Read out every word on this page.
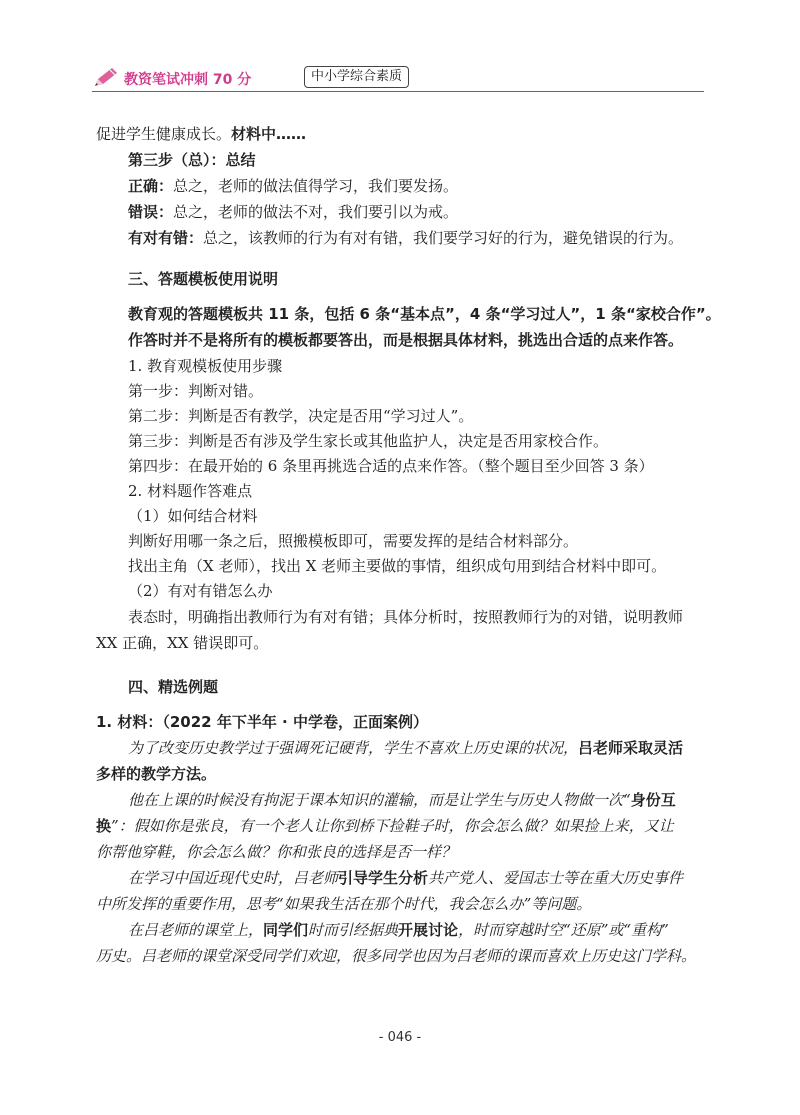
教资笔试冲刺 70 分	中小学综合素质
促进学生健康成长。材料中……
第三步（总）：总结
正确：总之，老师的做法值得学习，我们要发扬。
错误：总之，老师的做法不对，我们要引以为戒。
有对有错：总之，该教师的行为有对有错，我们要学习好的行为，避免错误的行为。
三、答题模板使用说明
教育观的答题模板共 11 条，包括 6 条“基本点”，4 条“学习过人”，1 条“家校合作”。
作答时并不是将所有的模板都要答出，而是根据具体材料，挑选出合适的点来作答。
1. 教育观模板使用步骤
第一步：判断对错。
第二步：判断是否有教学，决定是否用“学习过人”。
第三步：判断是否有涉及学生家长或其他监护人，决定是否用家校合作。
第四步：在最开始的 6 条里再挑选合适的点来作答。（整个题目至少回答 3 条）
2. 材料题作答难点
（1）如何结合材料
判断好用哪一条之后，照搬模板即可，需要发挥的是结合材料部分。
找出主角（X 老师），找出 X 老师主要做的事情，组织成句用到结合材料中即可。
（2）有对有错怎么办
表态时，明确指出教师行为有对有错；具体分析时，按照教师行为的对错，说明教师
XX 正确，XX 错误即可。
四、精选例题
1. 材料：（2022 年下半年 · 中学卷，正面案例）
为了改变历史教学过于强调死记硬背，学生不喜欢上历史课的状况，吕老师采取灵活
多样的教学方法。
他在上课的时候没有拘泥于课本知识的灌输，而是让学生与历史人物做一次“身份互
换”：假如你是张良，有一个老人让你到桥下捡鞋子时，你会怎么做？如果捡上来，又让
你帮他穿鞋，你会怎么做？你和张良的选择是否一样？
在学习中国近现代史时，吕老师引导学生分析共产党人、爱国志士等在重大历史事件
中所发挥的重要作用，思考“如果我生活在那个时代，我会怎么办”等问题。
在吕老师的课堂上，同学们时而引经据典开展讨论，时而穿越时空“还原”或“重构”
历史。吕老师的课堂深受同学们欢迎，很多同学也因为吕老师的课而喜欢上历史这门学科。
- 046 -
